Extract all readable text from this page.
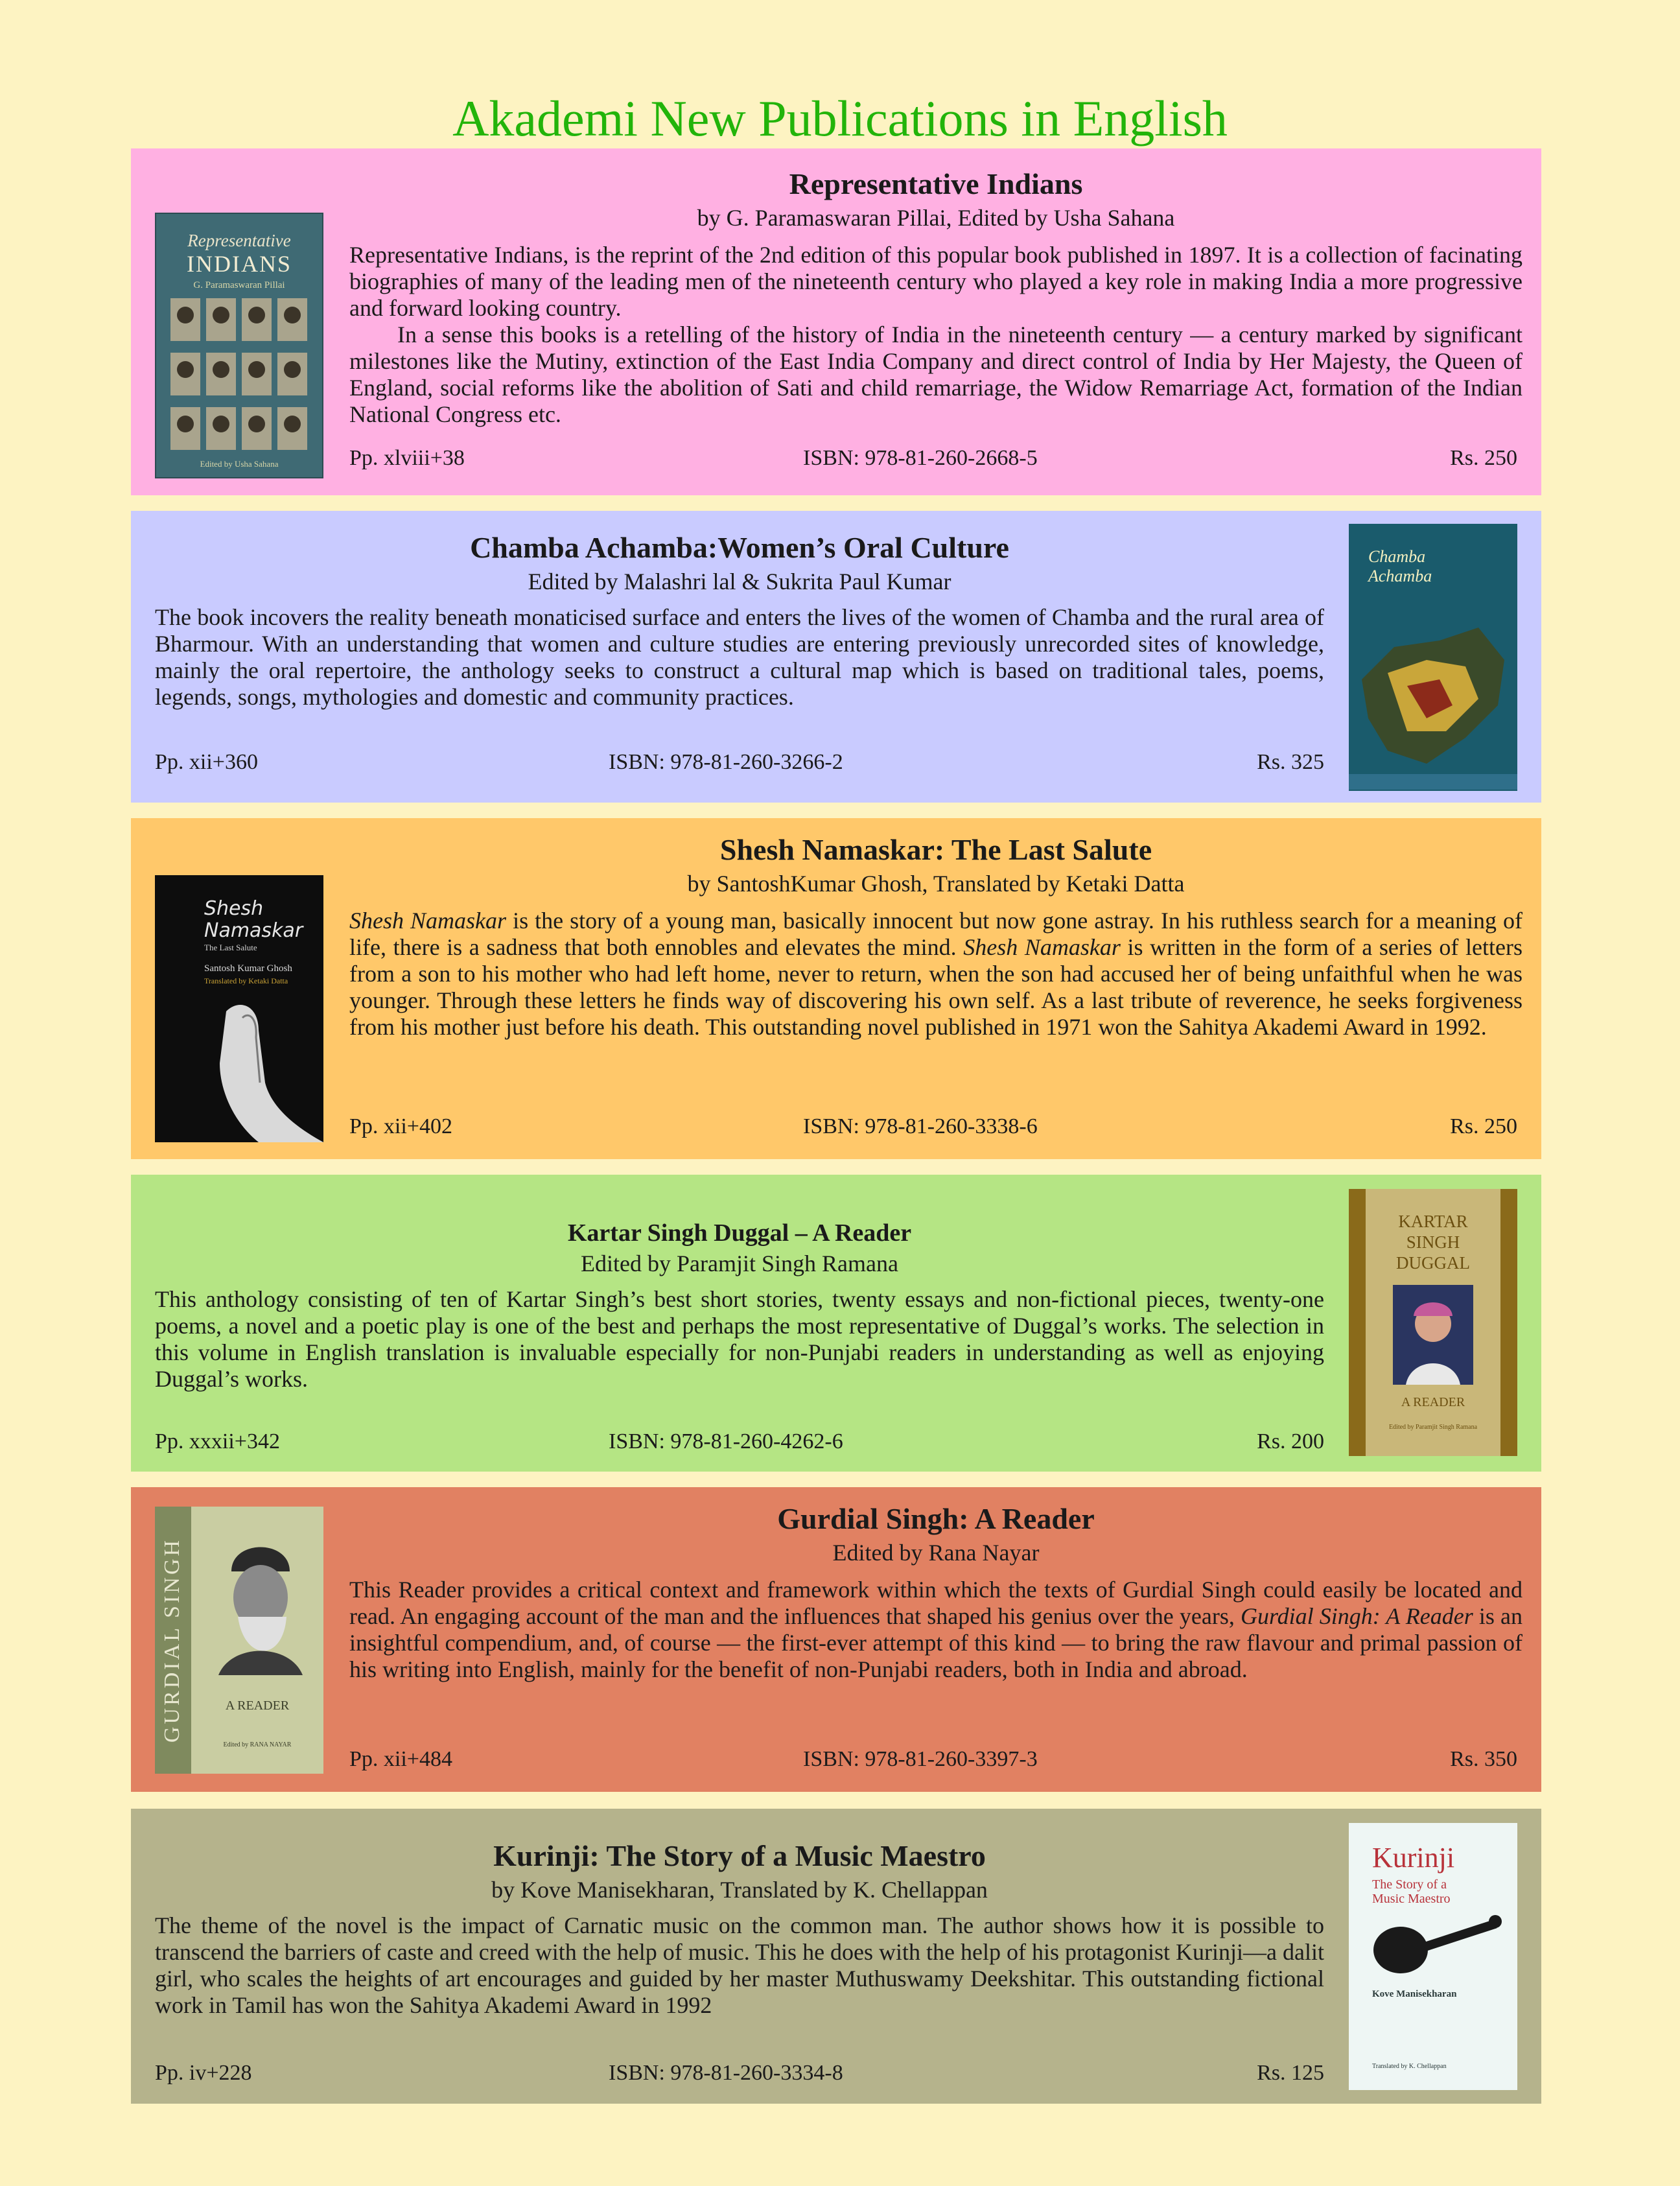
Akademi New Publications in English
Representative
INDIANS
G. Paramaswaran Pillai
Edited by Usha Sahana
Representative Indians
by G. Paramaswaran Pillai, Edited by Usha Sahana

Representative Indians, is the reprint of the 2nd edition of this popular book published in 1897. It is a collection of facinating biographies of many of the leading men of the nineteenth century who played a key role in making India a more progressive and forward looking country.

In a sense this books is a retelling of the history of India in the nineteenth century — a century marked by significant milestones like the Mutiny, extinction of the East India Company and direct control of India by Her Majesty, the Queen of England, social reforms like the abolition of Sati and child remarriage, the Widow Remarriage Act, formation of the Indian National Congress etc.

Pp. xlviii+38	ISBN: 978-81-260-2668-5	Rs. 250
Chamba Achamba
Chamba Achamba:Women’s Oral Culture
Edited by Malashri lal & Sukrita Paul Kumar

The book incovers the reality beneath monaticised surface and enters the lives of the women of Chamba and the rural area of Bharmour. With an understanding that women and culture studies are entering previously unrecorded sites of knowledge, mainly the oral repertoire, the anthology seeks to construct a cultural map which is based on traditional tales, poems, legends, songs, mythologies and domestic and community practices.

Pp. xii+360	ISBN: 978-81-260-3266-2	Rs. 325
Shesh
Namaskar
The Last Salute
Santosh Kumar Ghosh
Translated by Ketaki Datta
Shesh Namaskar: The Last Salute
by SantoshKumar Ghosh, Translated by Ketaki Datta

Shesh Namaskar is the story of a young man, basically innocent but now gone astray. In his ruthless search for a meaning of life, there is a sadness that both ennobles and elevates the mind. Shesh Namaskar is written in the form of a series of letters from a son to his mother who had left home, never to return, when the son had accused her of being unfaithful when he was younger. Through these letters he finds way of discovering his own self. As a last tribute of reverence, he seeks forgiveness from his mother just before his death. This outstanding novel published in 1971 won the Sahitya Akademi Award in 1992.

Pp. xii+402	ISBN: 978-81-260-3338-6	Rs. 250
KARTAR
SINGH
DUGGAL
A READER
Edited by Paramjit Singh Ramana
Kartar Singh Duggal – A Reader
Edited by Paramjit Singh Ramana

This anthology consisting of ten of Kartar Singh’s best short stories, twenty essays and non-fictional pieces, twenty-one poems, a novel and a poetic play is one of the best and perhaps the most representative of Duggal’s works. The selection in this volume in English translation is invaluable especially for non-Punjabi readers in understanding as well as enjoying Duggal’s works.

Pp. xxxii+342	ISBN: 978-81-260-4262-6	Rs. 200
GURDIAL SINGH	A READER
Edited by RANA NAYAR
Gurdial Singh: A Reader
Edited by Rana Nayar

This Reader provides a critical context and framework within which the texts of Gurdial Singh could easily be located and read. An engaging account of the man and the influences that shaped his genius over the years, Gurdial Singh: A Reader is an insightful compendium, and, of course — the first-ever attempt of this kind — to bring the raw flavour and primal passion of his writing into English, mainly for the benefit of non-Punjabi readers, both in India and abroad.

Pp. xii+484	ISBN: 978-81-260-3397-3	Rs. 350
Kurinji
The Story of a Music Maestro
Kove Manisekharan
Translated by K. Chellappan
Kurinji: The Story of a Music Maestro
by Kove Manisekharan, Translated by K. Chellappan

The theme of the novel is the impact of Carnatic music on the common man. The author shows how it is possible to transcend the barriers of caste and creed with the help of music. This he does with the help of his protagonist Kurinji—a dalit girl, who scales the heights of art encourages and guided by her master Muthuswamy Deekshitar. This outstanding fictional work in Tamil has won the Sahitya Akademi Award in 1992

Pp. iv+228	ISBN: 978-81-260-3334-8	Rs. 125
